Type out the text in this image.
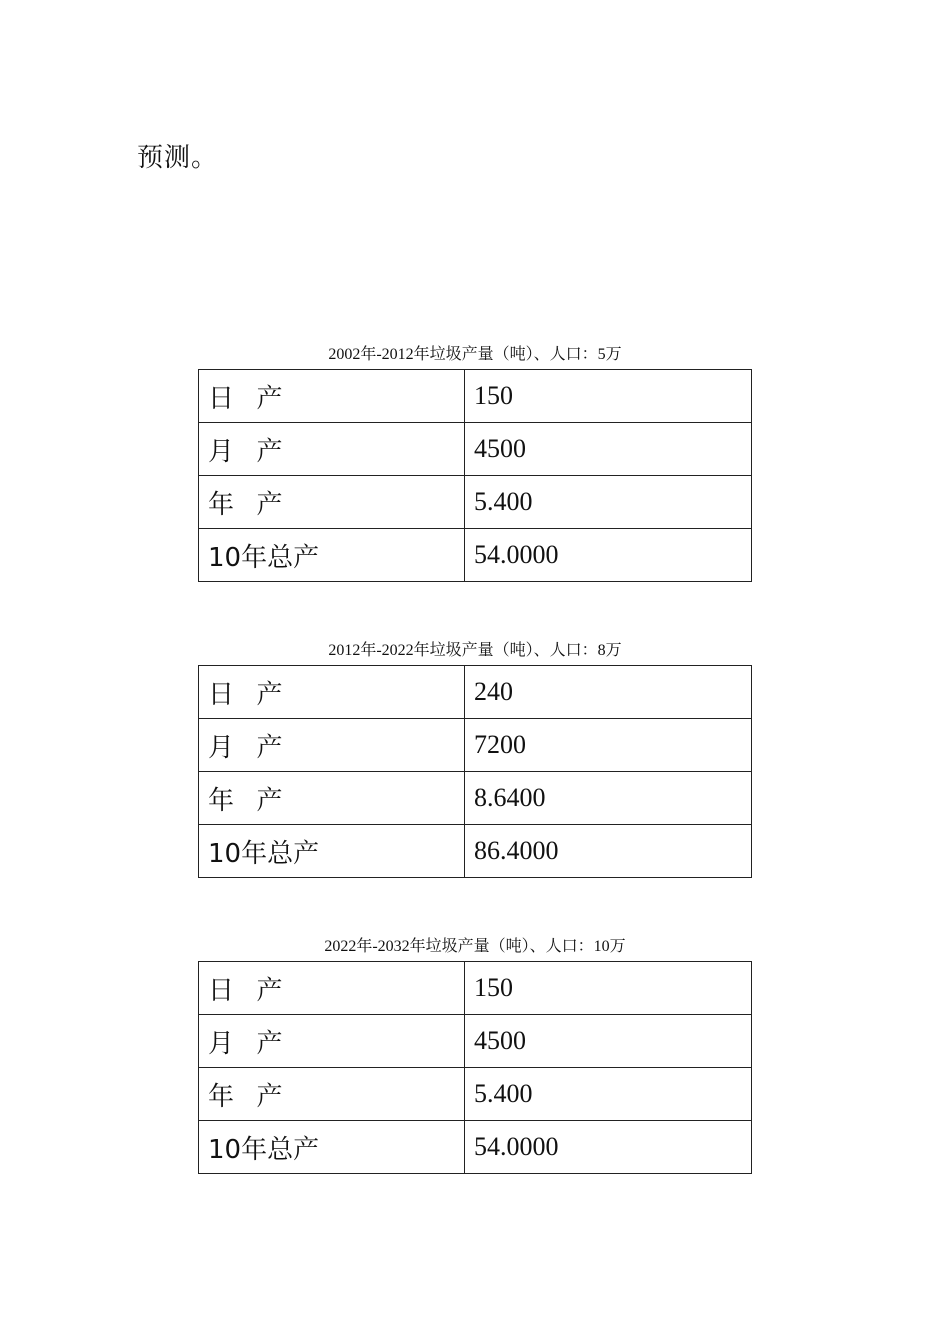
预测。

2002年-2012年垃圾产量（吨）、人口：5万
日  产	150
月  产	4500
年  产	5.400
10年总产	54.0000
2012年-2022年垃圾产量（吨）、人口：8万
日  产	240
月  产	7200
年  产	8.6400
10年总产	86.4000
2022年-2032年垃圾产量（吨）、人口：10万
日  产	150
月  产	4500
年  产	5.400
10年总产	54.0000
